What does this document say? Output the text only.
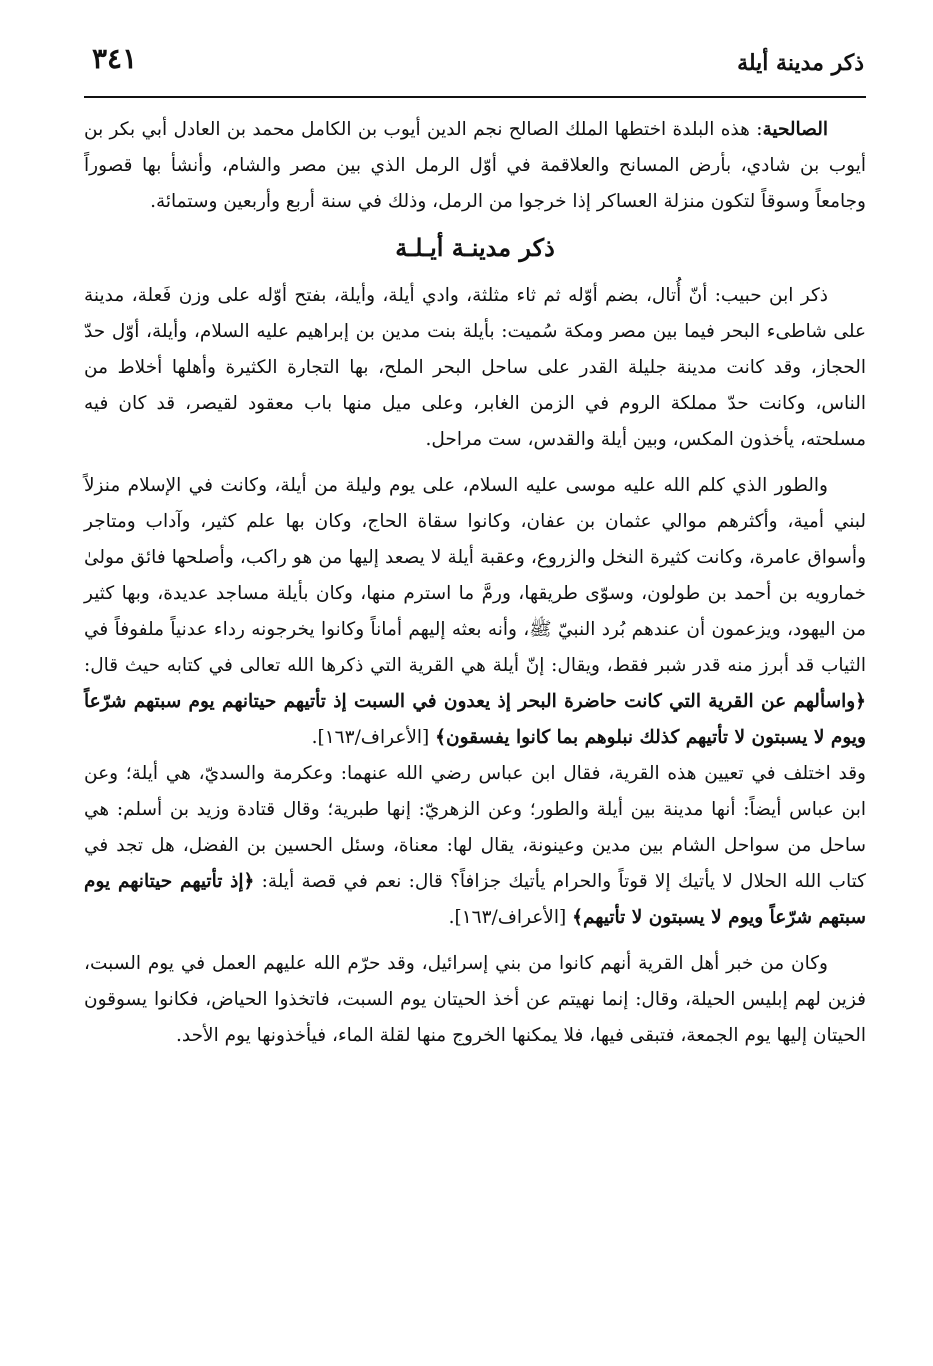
ذكر مدينة أيلة
٣٤١

الصالحية: هذه البلدة اختطها الملك الصالح نجم الدين أيوب بن الكامل محمد بن العادل أبي بكر بن أيوب بن شادي، بأرض المسانح والعلاقمة في أوّل الرمل الذي بين مصر والشام، وأنشأ بها قصوراً وجامعاً وسوقاً لتكون منزلة العساكر إذا خرجوا من الرمل، وذلك في سنة أربع وأربعين وستمائة.

ذكر مدينـة أيـلـة

ذكر ابن حبيب: أنّ أُتال، بضم أوّله ثم ثاء مثلثة، وادي أيلة، وأيلة، بفتح أوّله على وزن فَعلة، مدينة على شاطىء البحر فيما بين مصر ومكة سُميت: بأيلة بنت مدين بن إبراهيم عليه السلام، وأيلة، أوّل حدّ الحجاز، وقد كانت مدينة جليلة القدر على ساحل البحر الملح، بها التجارة الكثيرة وأهلها أخلاط من الناس، وكانت حدّ مملكة الروم في الزمن الغابر، وعلى ميل منها باب معقود لقيصر، قد كان فيه مسلحته، يأخذون المكس، وبين أيلة والقدس، ست مراحل.

والطور الذي كلم الله عليه موسى عليه السلام، على يوم وليلة من أيلة، وكانت في الإسلام منزلاً لبني أمية، وأكثرهم موالي عثمان بن عفان، وكانوا سقاة الحاج، وكان بها علم كثير، وآداب ومتاجر وأسواق عامرة، وكانت كثيرة النخل والزروع، وعقبة أيلة لا يصعد إليها من هو راكب، وأصلحها فائق مولىٰ خمارويه بن أحمد بن طولون، وسوّى طريقها، ورمَّ ما استرم منها، وكان بأيلة مساجد عديدة، وبها كثير من اليهود، ويزعمون أن عندهم بُرد النبيّ ﷺ، وأنه بعثه إليهم أماناً وكانوا يخرجونه رداء عدنياً ملفوفاً في الثياب قد أبرز منه قدر شبر فقط، ويقال: إنّ أيلة هي القرية التي ذكرها الله تعالى في كتابه حيث قال: ﴿واسألهم عن القرية التي كانت حاضرة البحر إذ يعدون في السبت إذ تأتيهم حيتانهم يوم سبتهم شرّعاً ويوم لا يسبتون لا تأتيهم كذلك نبلوهم بما كانوا يفسقون﴾ [الأعراف/١٦٣].

وقد اختلف في تعيين هذه القرية، فقال ابن عباس رضي الله عنهما: وعكرمة والسديّ، هي أيلة؛ وعن ابن عباس أيضاً: أنها مدينة بين أيلة والطور؛ وعن الزهريّ: إنها طبرية؛ وقال قتادة وزيد بن أسلم: هي ساحل من سواحل الشام بين مدين وعينونة، يقال لها: معناة، وسئل الحسين بن الفضل، هل تجد في كتاب الله الحلال لا يأتيك إلا قوتاً والحرام يأتيك جزافاً؟ قال: نعم في قصة أيلة: ﴿إذ تأتيهم حيتانهم يوم سبتهم شرّعاً ويوم لا يسبتون لا تأتيهم﴾ [الأعراف/١٦٣].

وكان من خبر أهل القرية أنهم كانوا من بني إسرائيل، وقد حرّم الله عليهم العمل في يوم السبت، فزين لهم إبليس الحيلة، وقال: إنما نهيتم عن أخذ الحيتان يوم السبت، فاتخذوا الحياض، فكانوا يسوقون الحيتان إليها يوم الجمعة، فتبقى فيها، فلا يمكنها الخروج منها لقلة الماء، فيأخذونها يوم الأحد.
